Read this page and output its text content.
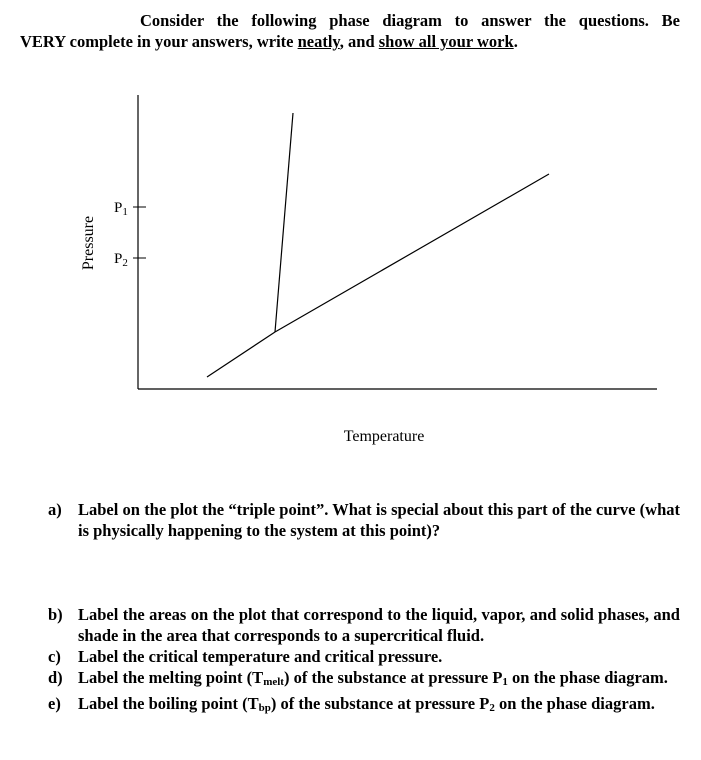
Consider the following phase diagram to answer the questions. Be
VERY complete in your answers, write neatly, and show all your work.
$P_1$
$P_2$
Pressure
Temperature
a) Label on the plot the “triple point”. What is special about this part of the curve (what is physically happening to the system at this point)?
b) Label the areas on the plot that correspond to the liquid, vapor, and solid phases, and shade in the area that corresponds to a supercritical fluid.
c)	Label the critical temperature and critical pressure.
d) Label the melting point $(T_{melt})$ of the substance at pressure $P_1$ on the phase diagram.
e)	Label the boiling point $(T_{bp})$ of the substance at pressure $P_2$ on the phase diagram.
